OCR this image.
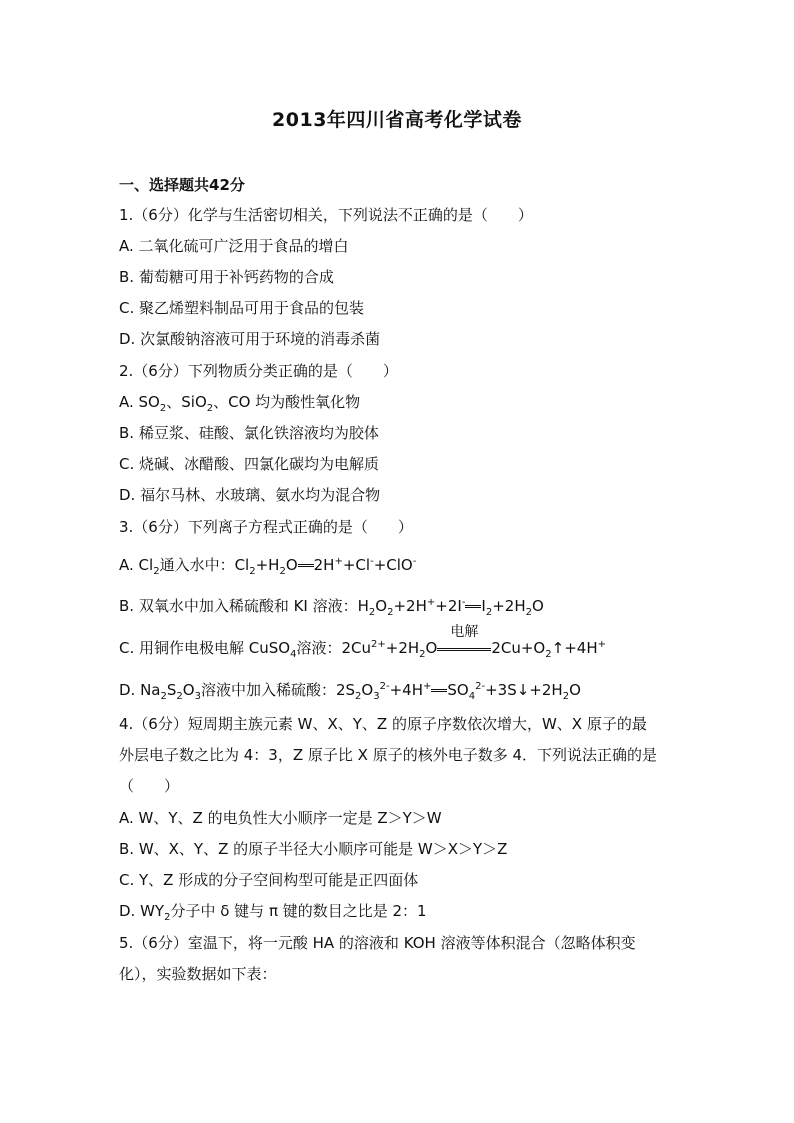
2013年四川省高考化学试卷
一、选择题共42分
1.（6分）化学与生活密切相关，下列说法不正确的是（　　）
A. 二氧化硫可广泛用于食品的增白
B. 葡萄糖可用于补钙药物的合成
C. 聚乙烯塑料制品可用于食品的包装
D. 次氯酸钠溶液可用于环境的消毒杀菌
2.（6分）下列物质分类正确的是（　　）
A. $SO_2$、SiO$_2$、CO 均为酸性氧化物
B. 稀豆浆、硅酸、氯化铁溶液均为胶体
C. 烧碱、冰醋酸、四氯化碳均为电解质
D. 福尔马林、水玻璃、氨水均为混合物
3.（6分）下列离子方程式正确的是（　　）
A. $Cl_2$通入水中：$Cl_2+H_2O$ 2H++Cl-+ClO-
B. 双氧水中加入稀硫酸和 KI 溶液：$H_2O_2+2H^++2I^-$ $I_2+2H_2O$
C. 用铜作电极电解 CuSO$_4$溶液：$2Cu^{2+}+2H_2O$
电解
$2Cu+O_2↑+4H^+$
D. $Na_2S_2O_3$溶液中加入稀硫酸：$2S_2O_3^{2-}+4H^+$ $SO_4^{2-}+3S↓+2H_2O$
4.（6分）短周期主族元素 W、X、Y、Z 的原子序数依次增大，W、X 原子的最
外层电子数之比为 4：3，Z 原子比 X 原子的核外电子数多 4．下列说法正确的是
（　　）
A. W、Y、Z 的电负性大小顺序一定是 Z＞Y＞W
B. W、X、Y、Z 的原子半径大小顺序可能是 W＞X＞Y＞Z
C. Y、Z 形成的分子空间构型可能是正四面体
D. $WY_2$分子中 δ 键与 π 键的数目之比是 2：1
5.（6分）室温下，将一元酸 HA 的溶液和 KOH 溶液等体积混合（忽略体积变
化），实验数据如下表：
